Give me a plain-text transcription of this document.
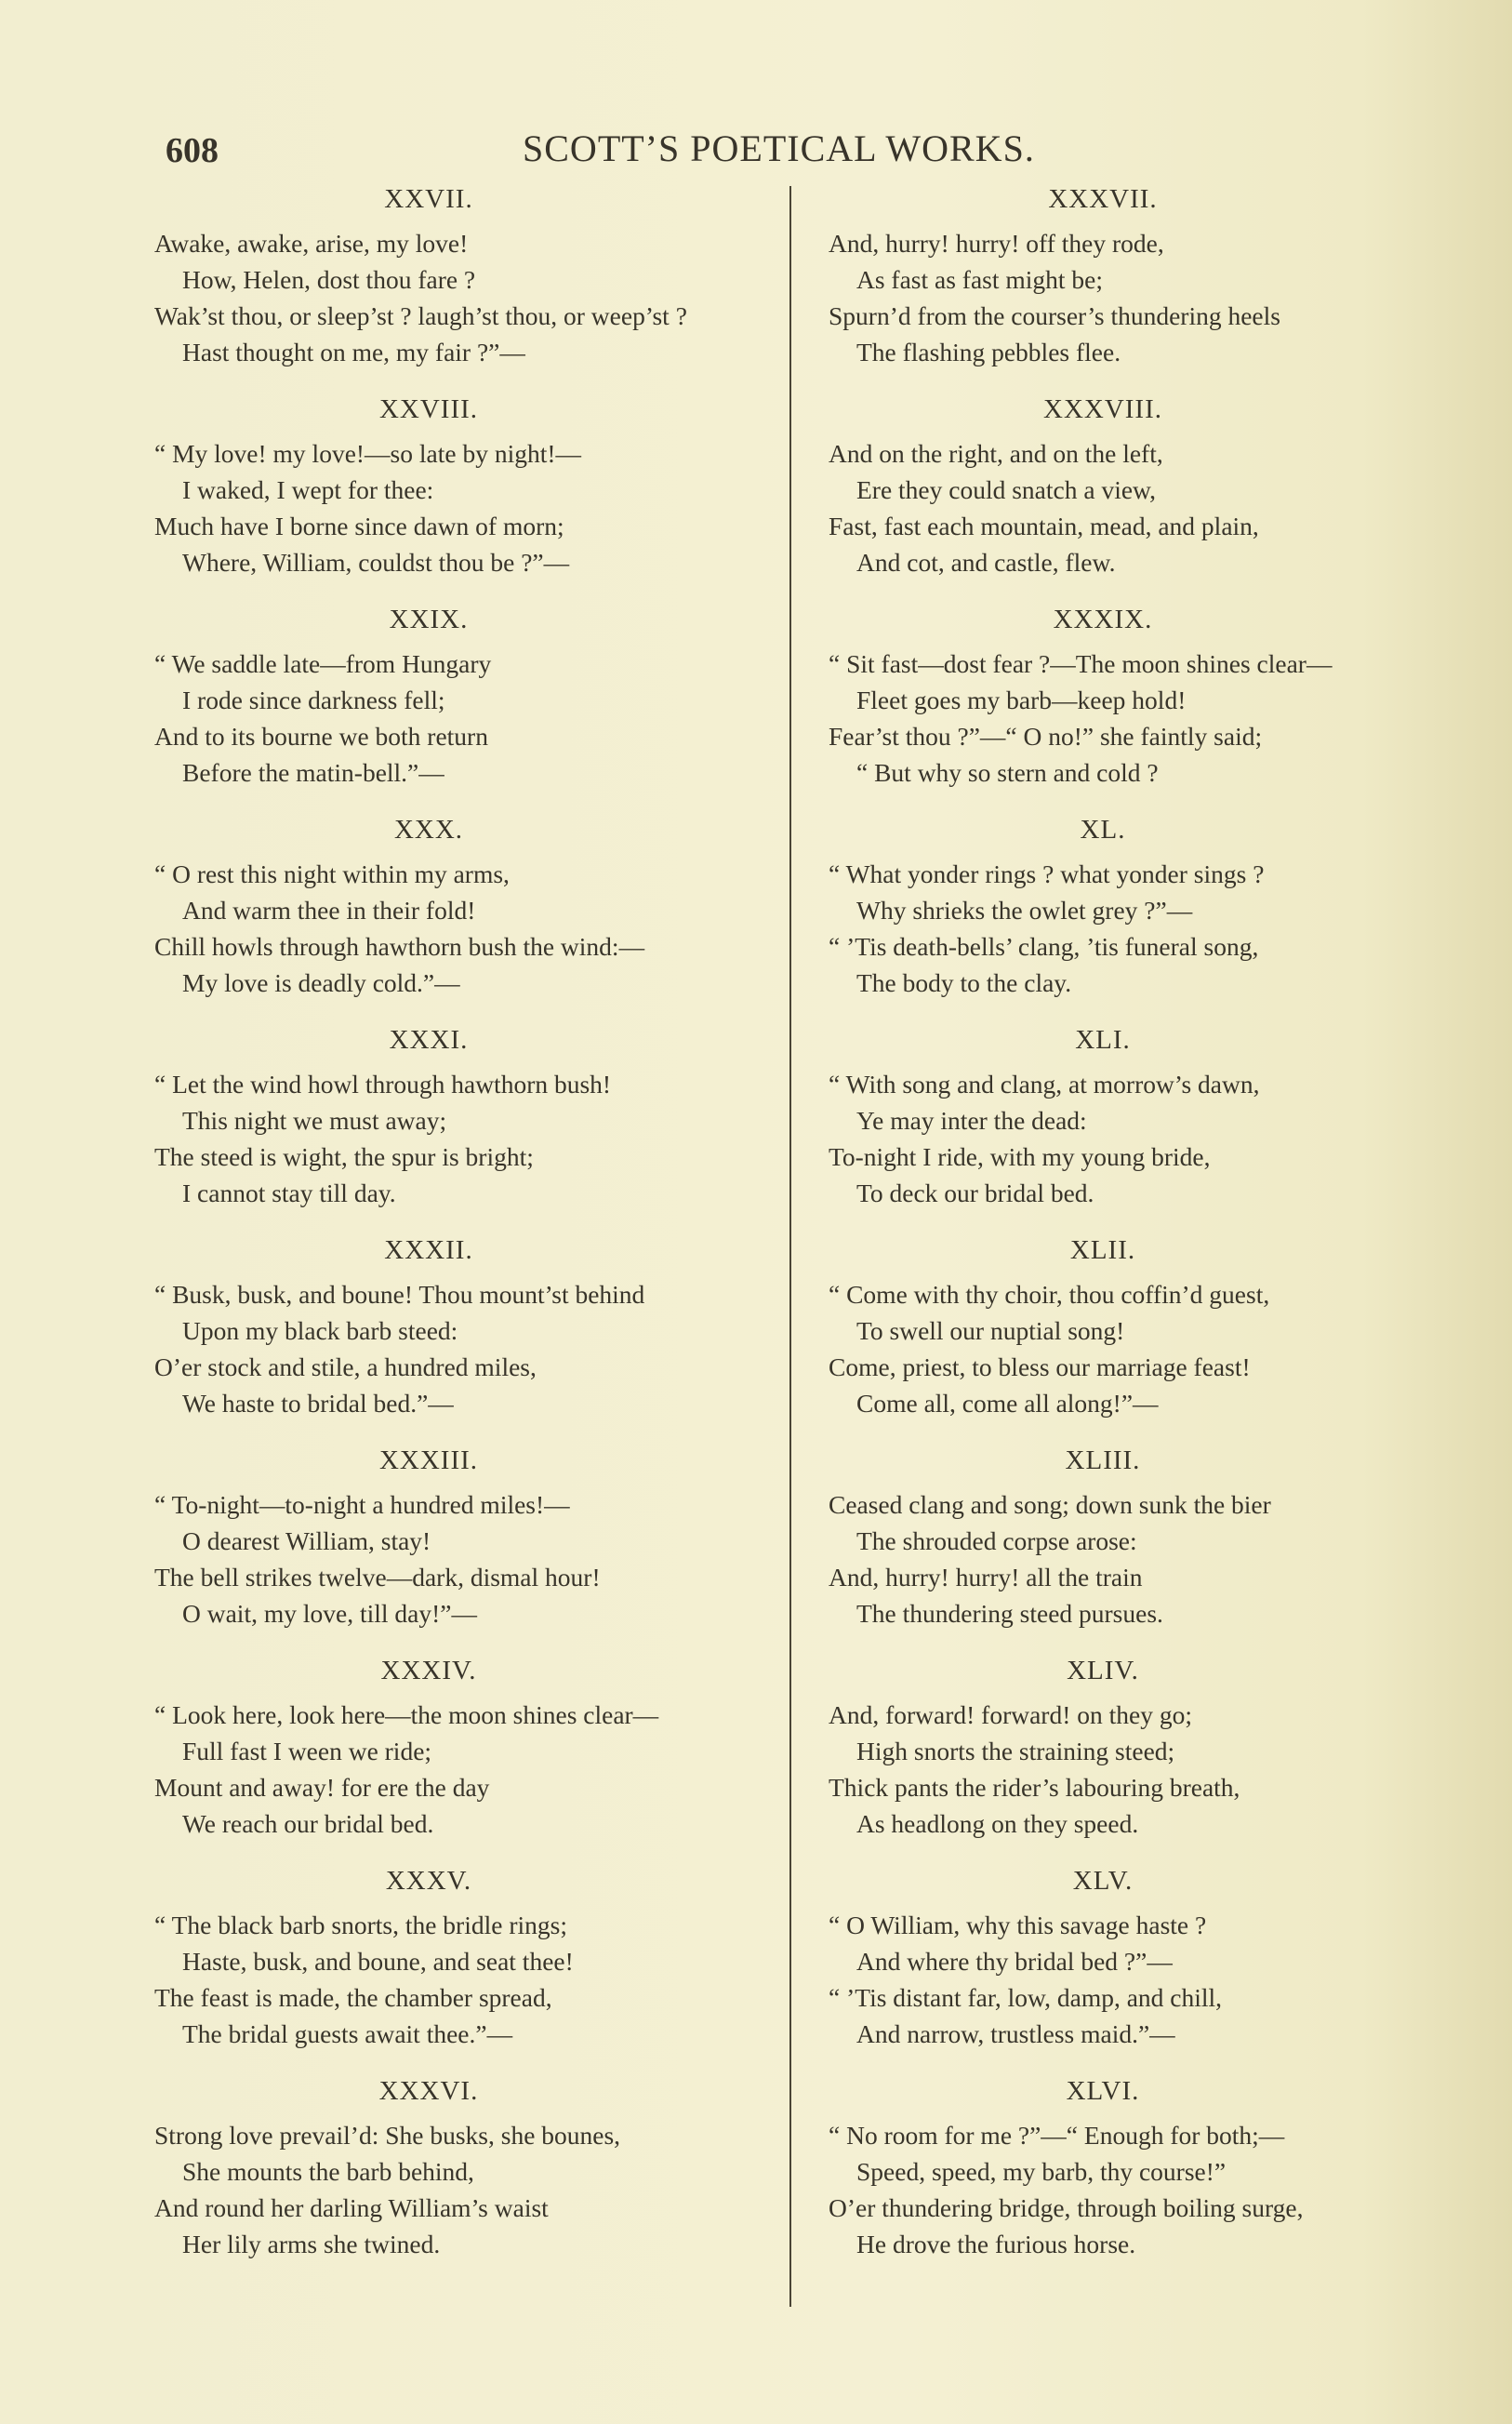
608	SCOTT’S POETICAL WORKS.
XXVII.
Awake, awake, arise, my love!
How, Helen, dost thou fare ?
Wak’st thou, or sleep’st ? laugh’st thou, or weep’st ?
Hast thought on me, my fair ?”—
XXVIII.
“ My love! my love!—so late by night!—
I waked, I wept for thee:
Much have I borne since dawn of morn;
Where, William, couldst thou be ?”—
XXIX.
“ We saddle late—from Hungary
I rode since darkness fell;
And to its bourne we both return
Before the matin-bell.”—
XXX.
“ O rest this night within my arms,
And warm thee in their fold!
Chill howls through hawthorn bush the wind:—
My love is deadly cold.”—
XXXI.
“ Let the wind howl through hawthorn bush!
This night we must away;
The steed is wight, the spur is bright;
I cannot stay till day.
XXXII.
“ Busk, busk, and boune! Thou mount’st behind
Upon my black barb steed:
O’er stock and stile, a hundred miles,
We haste to bridal bed.”—
XXXIII.
“ To-night—to-night a hundred miles!—
O dearest William, stay!
The bell strikes twelve—dark, dismal hour!
O wait, my love, till day!”—
XXXIV.
“ Look here, look here—the moon shines clear—
Full fast I ween we ride;
Mount and away! for ere the day
We reach our bridal bed.
XXXV.
“ The black barb snorts, the bridle rings;
Haste, busk, and boune, and seat thee!
The feast is made, the chamber spread,
The bridal guests await thee.”—
XXXVI.
Strong love prevail’d: She busks, she bounes,
She mounts the barb behind,
And round her darling William’s waist
Her lily arms she twined.
XXXVII.
And, hurry! hurry! off they rode,
As fast as fast might be;
Spurn’d from the courser’s thundering heels
The flashing pebbles flee.
XXXVIII.
And on the right, and on the left,
Ere they could snatch a view,
Fast, fast each mountain, mead, and plain,
And cot, and castle, flew.
XXXIX.
“ Sit fast—dost fear ?—The moon shines clear—
Fleet goes my barb—keep hold!
Fear’st thou ?”—“ O no!” she faintly said;
“ But why so stern and cold ?
XL.
“ What yonder rings ? what yonder sings ?
Why shrieks the owlet grey ?”—
“ ’Tis death-bells’ clang, ’tis funeral song,
The body to the clay.
XLI.
“ With song and clang, at morrow’s dawn,
Ye may inter the dead:
To-night I ride, with my young bride,
To deck our bridal bed.
XLII.
“ Come with thy choir, thou coffin’d guest,
To swell our nuptial song!
Come, priest, to bless our marriage feast!
Come all, come all along!”—
XLIII.
Ceased clang and song; down sunk the bier
The shrouded corpse arose:
And, hurry! hurry! all the train
The thundering steed pursues.
XLIV.
And, forward! forward! on they go;
High snorts the straining steed;
Thick pants the rider’s labouring breath,
As headlong on they speed.
XLV.
“ O William, why this savage haste ?
And where thy bridal bed ?”—
“ ’Tis distant far, low, damp, and chill,
And narrow, trustless maid.”—
XLVI.
“ No room for me ?”—“ Enough for both;—
Speed, speed, my barb, thy course!”
O’er thundering bridge, through boiling surge,
He drove the furious horse.
